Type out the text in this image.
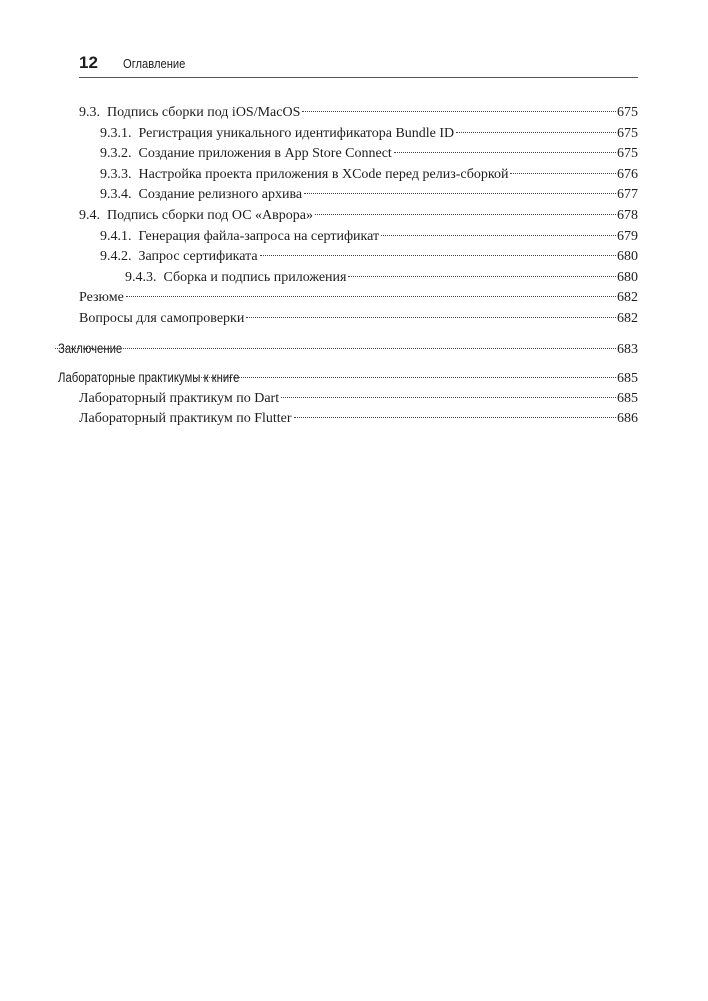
12 Оглавление
9.3. Подпись сборки под iOS/MacOS	675
9.3.1. Регистрация уникального идентификатора Bundle ID	675
9.3.2. Создание приложения в App Store Connect	675
9.3.3. Настройка проекта приложения в XCode перед релиз-сборкой	676
9.3.4. Создание релизного архива	677
9.4. Подпись сборки под ОС «Аврора»	678
9.4.1. Генерация файла-запроса на сертификат	679
9.4.2. Запрос сертификата	680
9.4.3. Сборка и подпись приложения	680
Резюме	682
Вопросы для самопроверки	682
Заключение	683
Лабораторные практикумы к книге	685
Лабораторный практикум по Dart	685
Лабораторный практикум по Flutter	686
